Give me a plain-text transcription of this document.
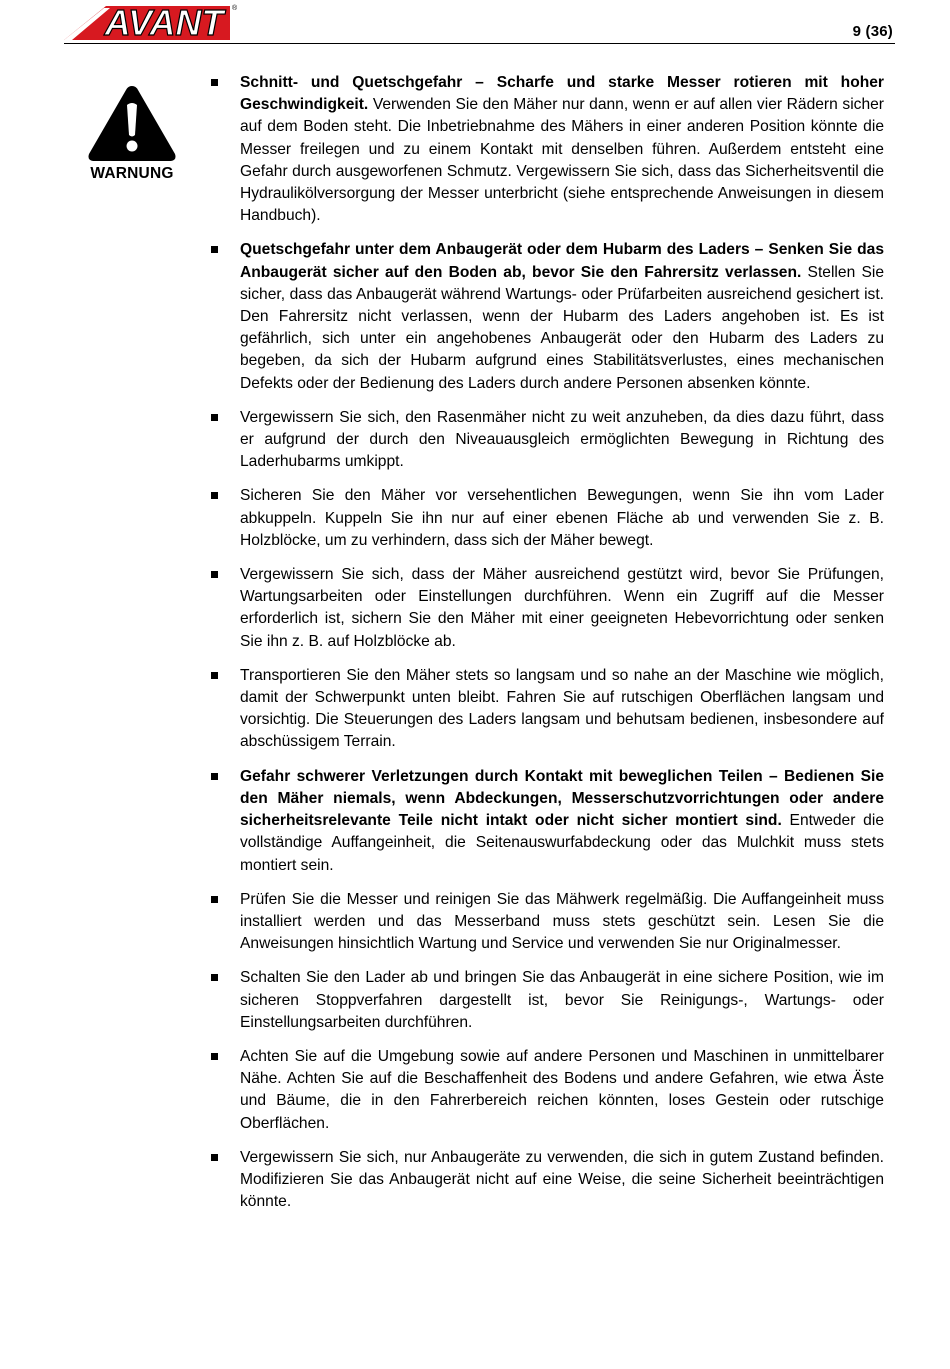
AVANT	®
9 (36)
WARNUNG
Schnitt- und Quetschgefahr – Scharfe und starke Messer rotieren mit hoher Geschwindigkeit. Verwenden Sie den Mäher nur dann, wenn er auf allen vier Rädern sicher auf dem Boden steht. Die Inbetriebnahme des Mähers in einer anderen Position könnte die Messer freilegen und zu einem Kontakt mit denselben führen. Außerdem entsteht eine Gefahr durch ausgeworfenen Schmutz. Vergewissern Sie sich, dass das Sicherheitsventil die Hydraulikölversorgung der Messer unterbricht (siehe entsprechende Anweisungen in diesem Handbuch).
Quetschgefahr unter dem Anbaugerät oder dem Hubarm des Laders – Senken Sie das Anbaugerät sicher auf den Boden ab, bevor Sie den Fahrersitz verlassen. Stellen Sie sicher, dass das Anbaugerät während Wartungs- oder Prüfarbeiten ausreichend gesichert ist. Den Fahrersitz nicht verlassen, wenn der Hubarm des Laders angehoben ist. Es ist gefährlich, sich unter ein angehobenes Anbaugerät oder den Hubarm des Laders zu begeben, da sich der Hubarm aufgrund eines Stabilitätsverlustes, eines mechanischen Defekts oder der Bedienung des Laders durch andere Personen absenken könnte.
Vergewissern Sie sich, den Rasenmäher nicht zu weit anzuheben, da dies dazu führt, dass er aufgrund der durch den Niveauausgleich ermöglichten Bewegung in Richtung des Laderhubarms umkippt.
Sicheren Sie den Mäher vor versehentlichen Bewegungen, wenn Sie ihn vom Lader abkuppeln. Kuppeln Sie ihn nur auf einer ebenen Fläche ab und verwenden Sie z. B. Holzblöcke, um zu verhindern, dass sich der Mäher bewegt.
Vergewissern Sie sich, dass der Mäher ausreichend gestützt wird, bevor Sie Prüfungen, Wartungsarbeiten oder Einstellungen durchführen. Wenn ein Zugriff auf die Messer erforderlich ist, sichern Sie den Mäher mit einer geeigneten Hebevorrichtung oder senken Sie ihn z. B. auf Holzblöcke ab.
Transportieren Sie den Mäher stets so langsam und so nahe an der Maschine wie möglich, damit der Schwerpunkt unten bleibt. Fahren Sie auf rutschigen Oberflächen langsam und vorsichtig. Die Steuerungen des Laders langsam und behutsam bedienen, insbesondere auf abschüssigem Terrain.
Gefahr schwerer Verletzungen durch Kontakt mit beweglichen Teilen – Bedienen Sie den Mäher niemals, wenn Abdeckungen, Messerschutzvorrichtungen oder andere sicherheitsrelevante Teile nicht intakt oder nicht sicher montiert sind. Entweder die vollständige Auffangeinheit, die Seitenauswurfabdeckung oder das Mulchkit muss stets montiert sein.
Prüfen Sie die Messer und reinigen Sie das Mähwerk regelmäßig. Die Auffangeinheit muss installiert werden und das Messerband muss stets geschützt sein. Lesen Sie die Anweisungen hinsichtlich Wartung und Service und verwenden Sie nur Originalmesser.
Schalten Sie den Lader ab und bringen Sie das Anbaugerät in eine sichere Position, wie im sicheren Stoppverfahren dargestellt ist, bevor Sie Reinigungs-, Wartungs- oder Einstellungsarbeiten durchführen.
Achten Sie auf die Umgebung sowie auf andere Personen und Maschinen in unmittelbarer Nähe. Achten Sie auf die Beschaffenheit des Bodens und andere Gefahren, wie etwa Äste und Bäume, die in den Fahrerbereich reichen könnten, loses Gestein oder rutschige Oberflächen.
Vergewissern Sie sich, nur Anbaugeräte zu verwenden, die sich in gutem Zustand befinden. Modifizieren Sie das Anbaugerät nicht auf eine Weise, die seine Sicherheit beeinträchtigen könnte.
